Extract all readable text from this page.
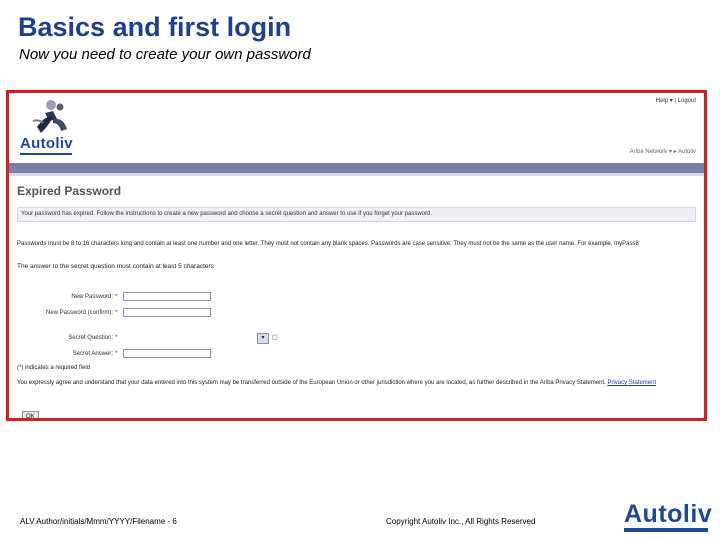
Basics and first login
Now you need to create your own password
Help ▾ | Logout
Autoliv	Ariba Network ▾ ▸ Autoliv
Expired Password
Your password has expired. Follow the instructions to create a new password and choose a secret question and answer to use if you forget your password.
Passwords must be 8 to 16 characters long and contain at least one number and one letter. They must not contain any blank spaces. Passwords are case sensitive. They must not be the same as the user name. For example, myPass8
The answer to the secret question must contain at least 5 characters
New Password: *
New Password (confirm): *
Secret Question: *	▾	◻
Secret Answer: *
(*) indicates a required field
You expressly agree and understand that your data entered into this system may be transferred outside of the European Union or other jurisdiction where you are located, as further described in the Ariba Privacy Statement. Privacy Statement
OK
ALV Author/initials/Mmm/YYYY/Filename - 6	Copyright Autoliv Inc., All Rights Reserved	Autoliv
